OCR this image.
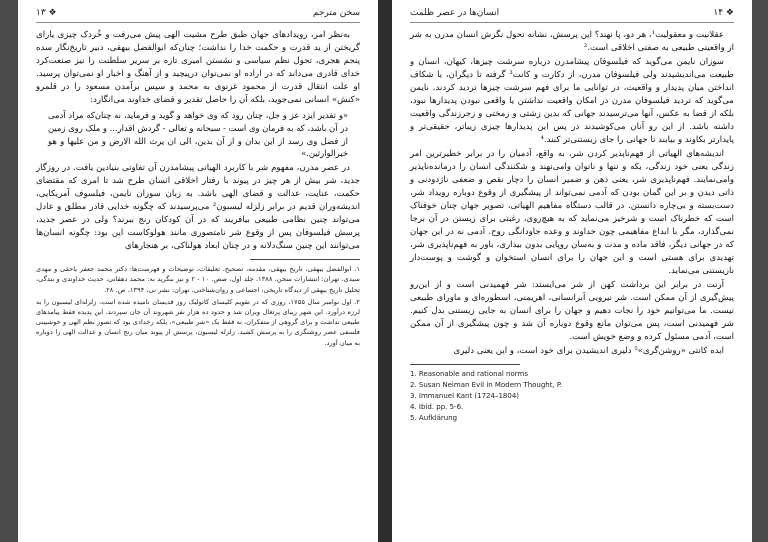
سخن مترجم
❖ ۱۳

به‌نظر امر، رویدادهای جهان طبق طرح مشیت الهی پیش می‌رفت و خُردک چیزی یارای گریختن از ید قدرت و حکمت خدا را نداشت؛ چنان‌که ابوالفضل بیهقی، دبیر تاریخ‌نگار سده پنجم هجری، تحول نظم سیاسی و نشستن امیری تازه بر سریر سلطنت را نیز صنعت‌کرد خدای قادری می‌داند که در اراده او نمی‌توان درپیچید و از آهنگ و اخبار او نمی‌توان پرسید. او علت انتقال قدرت از محمود غزنوی به محمد و سپس برآمدن مسعود را در قلمرو «کنش» انسانی نمی‌جوید، بلکه آن را حاصل تقدیر و قضای خداوند می‌انگارد:

«و تقدیر ایزد عز و جل، چنان رود که وی خواهد و گوید و فرماید، نه چنان‌که مراد آدمی در آن باشد، که به فرمان وی است - سبحانه و تعالی - گردش اقدار... و ملک روی زمین از فضل وی رسد از این بدان و از آن بدین، الی ان یرث الله الارض و من علیها و هو خیرالوارثین.»

در عصر مدرن، مفهوم شر با کاربرد الهیاتی پیشامدرن آن تفاوتی بنیادین یافت. در روزگار جدید، شر بیش از هر چیز در پیوند با رفتار اخلاقی انسان طرح شد تا امری که مقتضای حکمت، عنایت، عدالت و قضای الهی باشد. به زبان سوزان نایمن، فیلسوف آمریکایی، اندیشه‌وران قدیم در برابر زلزله لیسبون‌² می‌پرسیدند که چگونه خدایی قادر مطلق و عادل می‌تواند چنین نظامی طبیعی بیافریند که در آن کودکان رنج ببرند؟ ولی در عصر جدید، پرسش فیلسوفان پس از وقوع شر نامتصوری مانند هولوکاست این بود: چگونه انسان‌ها می‌توانند این چنین سنگ‌دلانه و در چنان ابعاد هولناکی، بر هنجارهای

۱. ابوالفضل بیهقی، تاریخ بیهقی، مقدمه، تصحیح، تعلیقات، توضیحات و فهرست‌ها: دکتر محمد جعفر یاحقی و مهدی سیدی، تهران: انتشارات سخن، ۱۳۸۸، جلد اول، صص. ۱۰ - ۲ و نیز بنگرید به: محمد دهقانی، حدیث خداوندی و بندگی، تحلیل تاریخ بیهقی از دیدگاه تاریخی، اجتماعی و روان‌شناختی، تهران: نشر نی، ۱۳۹۴، ص. ۲۸.

۲. اول نوامبر سال ۱۷۵۵، روزی که در تقویم کلیسای کاتولیک روز قدیسان نامیده شده است، زلزله‌ای لیسبون را به لرزه درآورد. این شهر زیبای پرتغال ویران شد و حدود ده هزار نفر شهروند آن جان سپردند. این پدیده فقط پیامدهای طبیعی نداشت و برای گروهی از متفکران، نه فقط یک «شر طبیعی»، بلکه رخدادی بود که تصور نظم الهی و خوشبینی فلسفی عصر روشنگری را به پرسش کشید. زلزله لیسبون، پرسش از پیوند میان رنج انسان و عدالت الهی را دوباره به میان آورد.

❖ ۱۴
انسان‌ها در عصر ظلمت

عقلانیت و معقولیت‌¹، هر دو، پا نهند؟ این پرسش، نشانه تحول نگرش انسان مدرن به شر از واقعیتی طبیعی به صفتی اخلاقی است.²

سوزان نایمن می‌گوید که فیلسوفان پیشامدرن درباره سرشت چیزها، کیهان، انسان و طبیعت می‌اندیشیدند ولی فیلسوفان مدرن، از دکارت و کانت³ گرفته تا دیگران، با شکاف انداختن میان پدیدار و واقعیت، در توانایی ما برای فهم سرشت چیزها تردید کردند. نایمن می‌گوید که تردید فیلسوفان مدرن در امکان واقعیت نداشتن یا واقعی نبودن پدیدارها نبود، بلکه از قضا به عکس، آنها می‌ترسیدند جهانی که بدین زشتی و زمختی و زجرزندگی واقعیت داشته باشد. از این رو آنان می‌کوشیدند در پس این پدیدارها چیزی زیباتر، حقیقی‌تر و پایدارتر بکاوند و بیابند تا جهانی را جای زیستنی‌تر کنند.⁴

اندیشه‌های الهیاتی از فهم‌ناپذیر کردن شر، به واقع، آدمیان را در برابر خطیرترین امر زندگی یعنی خود زندگی، یکه و تنها و ناتوان وامی‌نهند و شکنندگی انسان را درمانده‌ناپذیر وامی‌نمایند. فهم‌ناپذیری شر، یعنی ذهن و ضمیر انسان را دچار نقص و ضعفی ناژدودنی و ذاتی دیدن و بر این گمان بودن که آدمی نمی‌تواند از پیشگیری از وقوع دوباره رویداد شر، دست‌بسته و بی‌چاره دانستن. در قالب دستگاه مفاهیم الهیاتی، تصویر جهان چنان خوفناک است که خطرناک است و شرخیز می‌نماید که به هیچ‌روی، رغبتی برای زیستن در آن برجا نمی‌گذارد، مگر با ابداع مفاهیمی چون خداوند و وعده جاودانگی روح. آدمی نه در این جهان که در جهانی دیگر، فاقد ماده و مدت و به‌سان روپایی بدون بیداری، باور به فهم‌ناپذیری شر، تهدیدی برای هستی است و این جهان را برای انسان استخوان و گوشت و پوست‌دار نازیستنی می‌نماید.

آرنت در برابر این برداشت کهن از شر می‌ایستد: شر فهمیدنی است و از این‌رو پیش‌گیری از آن ممکن است. شر نیرویی اَبرانسانی، اهریمنی، اسطوره‌ای و ماورای طبیعی نیست. ما می‌توانیم خود را نجات دهیم و جهان را برای انسان به جایی زیستنی بدل کنیم. شر فهمیدنی است، پس می‌توان مانع وقوع دوباره آن شد و چون پیشگیری از آن ممکن است، آدمی مسئول کرده و وضع خویش است.

ایده کانتی «روشن‌گری»⁵ دلیری اندیشیدن برای خود است، و این یعنی دلیری

1. Reasonable and rational norms
2. Susan Neiman Evil in Modern Thought, P.
3. Immanuel Kant (1724–1804)
4. Ibid. pp. 5-6.
5. Aufklärung
